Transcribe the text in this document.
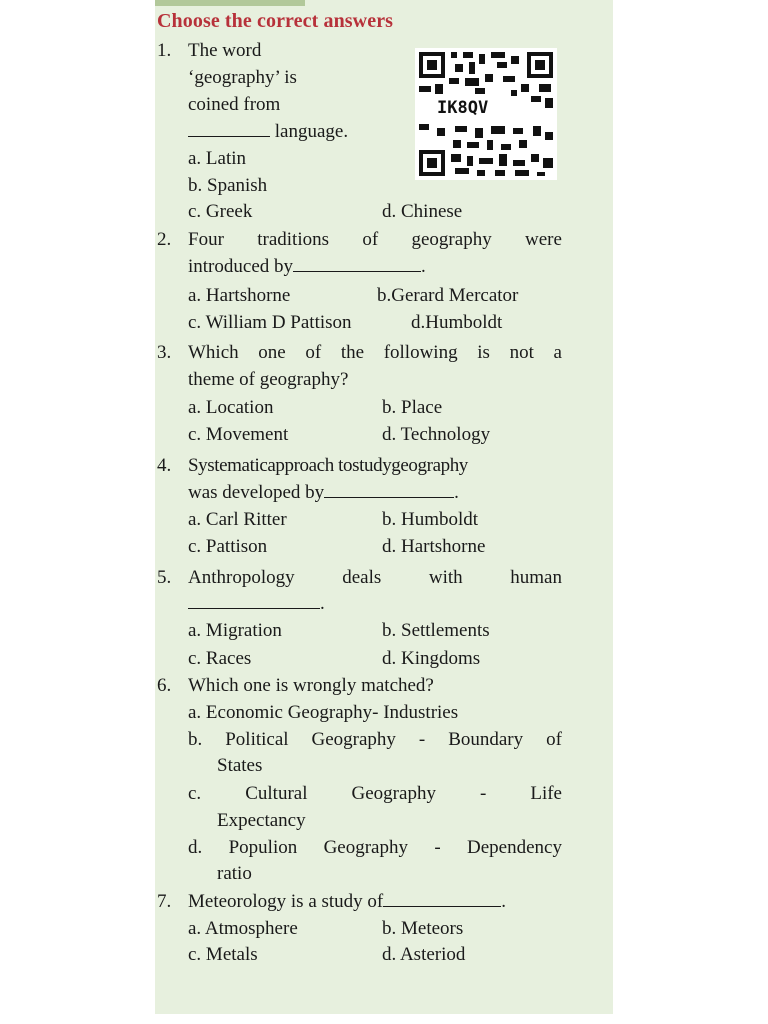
Choose the correct answers
IK8QV
1. The word
‘geography’ is
coined from
language.
a. Latin
b. Spanish
c. Greek	d. Chinese
2. Four traditions of geography were
introduced by	.
a. Hartshorne	b.Gerard Mercator
c. William D Pattison	d.Humboldt
3. Which one of the following is not a
theme of geography?
a. Location	b. Place
c. Movement	d. Technology
4. Systematicapproach tostudygeography
was developed by	.
a. Carl Ritter	b. Humboldt
c. Pattison	d. Hartshorne
5. Anthropology	deals	with	human
.
a. Migration	b. Settlements
c. Races	d. Kingdoms
6. Which one is wrongly matched?
a. Economic Geography- Industries
b. Political Geography - Boundary of
States
c. Cultural Geography - Life
Expectancy
d. Populion Geography - Dependency
ratio
7. Meteorology is a study of	.
a. Atmosphere	b. Meteors
c. Metals	d. Asteriod
